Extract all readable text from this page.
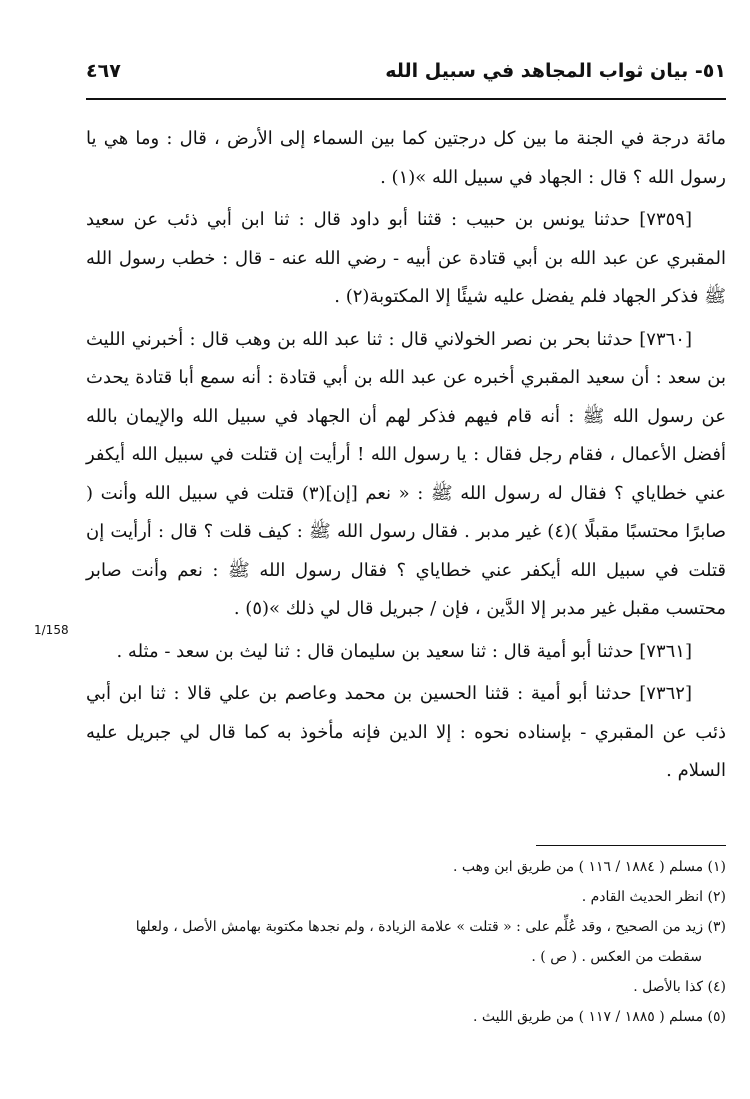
٥١- بيان ثواب المجاهد في سبيل الله
٤٦٧

مائة درجة في الجنة ما بين كل درجتين كما بين السماء إلى الأرض ، قال : وما هي يا رسول الله ؟ قال : الجهاد في سبيل الله »(١) .

[٧٣٥٩] حدثنا يونس بن حبيب : قثنا أبو داود قال : ثنا ابن أبي ذئب عن سعيد المقبري عن عبد الله بن أبي قتادة عن أبيه - رضي الله عنه - قال : خطب رسول الله ﷺ فذكر الجهاد فلم يفضل عليه شيئًا إلا المكتوبة(٢) .

[٧٣٦٠] حدثنا بحر بن نصر الخولاني قال : ثنا عبد الله بن وهب قال : أخبرني الليث بن سعد : أن سعيد المقبري أخبره عن عبد الله بن أبي قتادة : أنه سمع أبا قتادة يحدث عن رسول الله ﷺ : أنه قام فيهم فذكر لهم أن الجهاد في سبيل الله والإيمان بالله أفضل الأعمال ، فقام رجل فقال : يا رسول الله ! أرأيت إن قتلت في سبيل الله أيكفر عني خطاياي ؟ فقال له رسول الله ﷺ : « نعم [إن](٣) قتلت في سبيل الله وأنت ( صابرًا محتسبًا مقبلًا )(٤) غير مدبر . فقال رسول الله ﷺ : كيف قلت ؟ قال : أرأيت إن قتلت في سبيل الله أيكفر عني خطاياي ؟ فقال رسول الله ﷺ : نعم وأنت صابر محتسب مقبل غير مدبر إلا الدَّين ، فإن / جبريل قال لي ذلك »(٥) .

[٧٣٦١] حدثنا أبو أمية قال : ثنا سعيد بن سليمان قال : ثنا ليث بن سعد - مثله .

[٧٣٦٢] حدثنا أبو أمية : قثنا الحسين بن محمد وعاصم بن علي قالا : ثنا ابن أبي ذئب عن المقبري - بإسناده نحوه : إلا الدين فإنه مأخوذ به كما قال لي جبريل عليه السلام .

1/158

(١) مسلم ( ١٨٨٤ / ١١٦ ) من طريق ابن وهب .

(٢) انظر الحديث القادم .

(٣) زيد من الصحيح ، وقد عُلِّم على : « قتلت » علامة الزيادة ، ولم نجدها مكتوبة بهامش الأصل ، ولعلها

سقطت من العكس . ( ص ) .

(٤) كذا بالأصل .

(٥) مسلم ( ١٨٨٥ / ١١٧ ) من طريق الليث .
